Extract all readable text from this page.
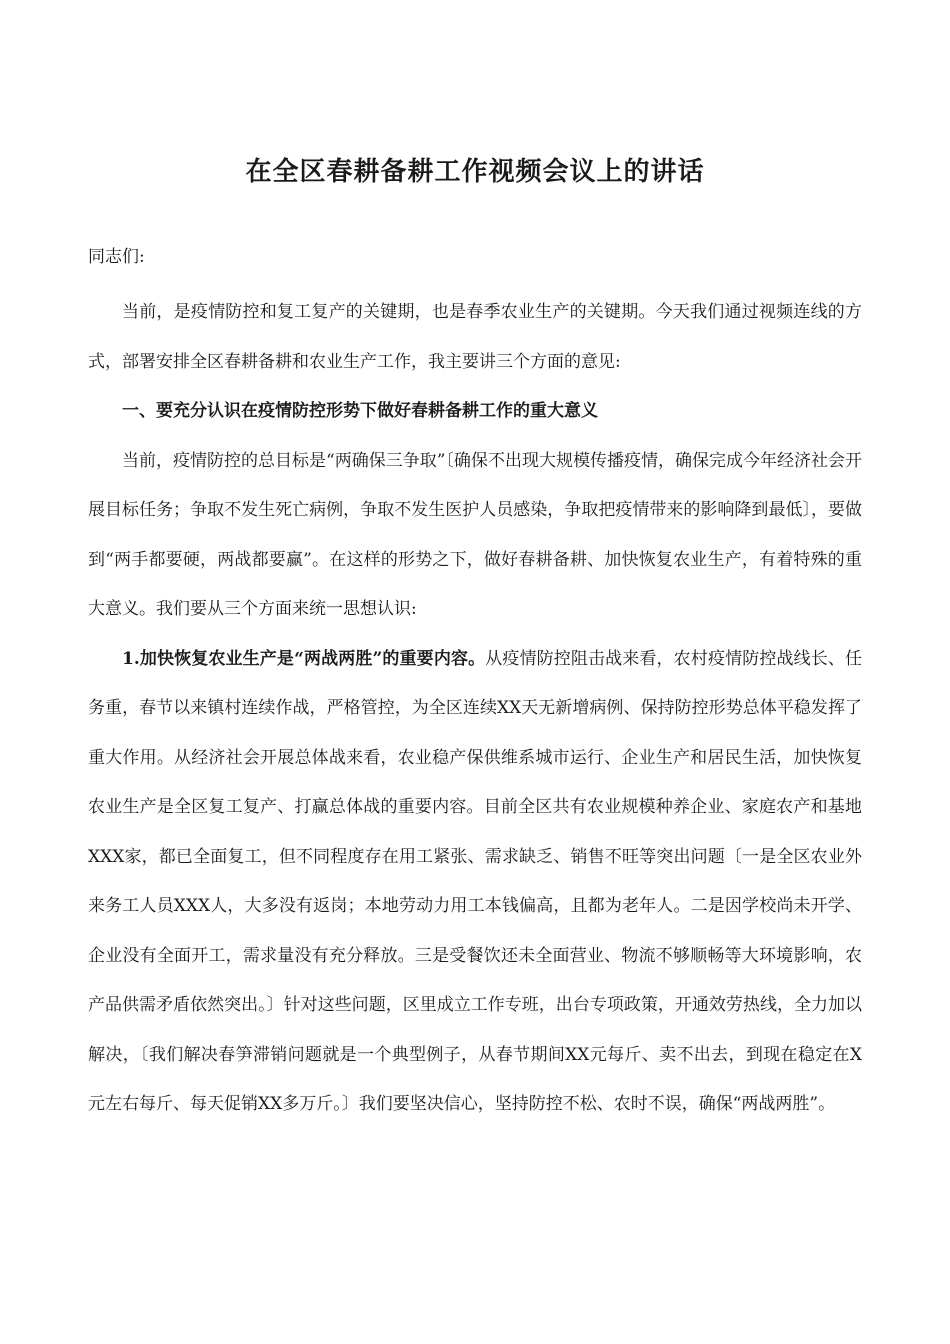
在全区春耕备耕工作视频会议上的讲话
同志们:

当前，是疫情防控和复工复产的关键期，也是春季农业生产的关键期。今天我们通过视频连线的方式，部署安排全区春耕备耕和农业生产工作，我主要讲三个方面的意见:

一、要充分认识在疫情防控形势下做好春耕备耕工作的重大意义

当前，疫情防控的总目标是“两确保三争取”〔确保不出现大规模传播疫情，确保完成今年经济社会开展目标任务；争取不发生死亡病例，争取不发生医护人员感染，争取把疫情带来的影响降到最低〕，要做到“两手都要硬，两战都要赢”。在这样的形势之下，做好春耕备耕、加快恢复农业生产，有着特殊的重大意义。我们要从三个方面来统一思想认识:

1.加快恢复农业生产是“两战两胜”的重要内容。从疫情防控阻击战来看，农村疫情防控战线长、任务重，春节以来镇村连续作战，严格管控，为全区连续XX天无新增病例、保持防控形势总体平稳发挥了重大作用。从经济社会开展总体战来看，农业稳产保供维系城市运行、企业生产和居民生活，加快恢复农业生产是全区复工复产、打赢总体战的重要内容。目前全区共有农业规模种养企业、家庭农产和基地XXX家，都已全面复工，但不同程度存在用工紧张、需求缺乏、销售不旺等突出问题〔一是全区农业外来务工人员XXX人，大多没有返岗；本地劳动力用工本钱偏高，且都为老年人。二是因学校尚未开学、企业没有全面开工，需求量没有充分释放。三是受餐饮还未全面营业、物流不够顺畅等大环境影响，农产品供需矛盾依然突出。〕针对这些问题，区里成立工作专班，出台专项政策，开通效劳热线，全力加以解决，〔我们解决春笋滞销问题就是一个典型例子，从春节期间XX元每斤、卖不出去，到现在稳定在X元左右每斤、每天促销XX多万斤。〕我们要坚决信心，坚持防控不松、农时不误，确保“两战两胜”。
